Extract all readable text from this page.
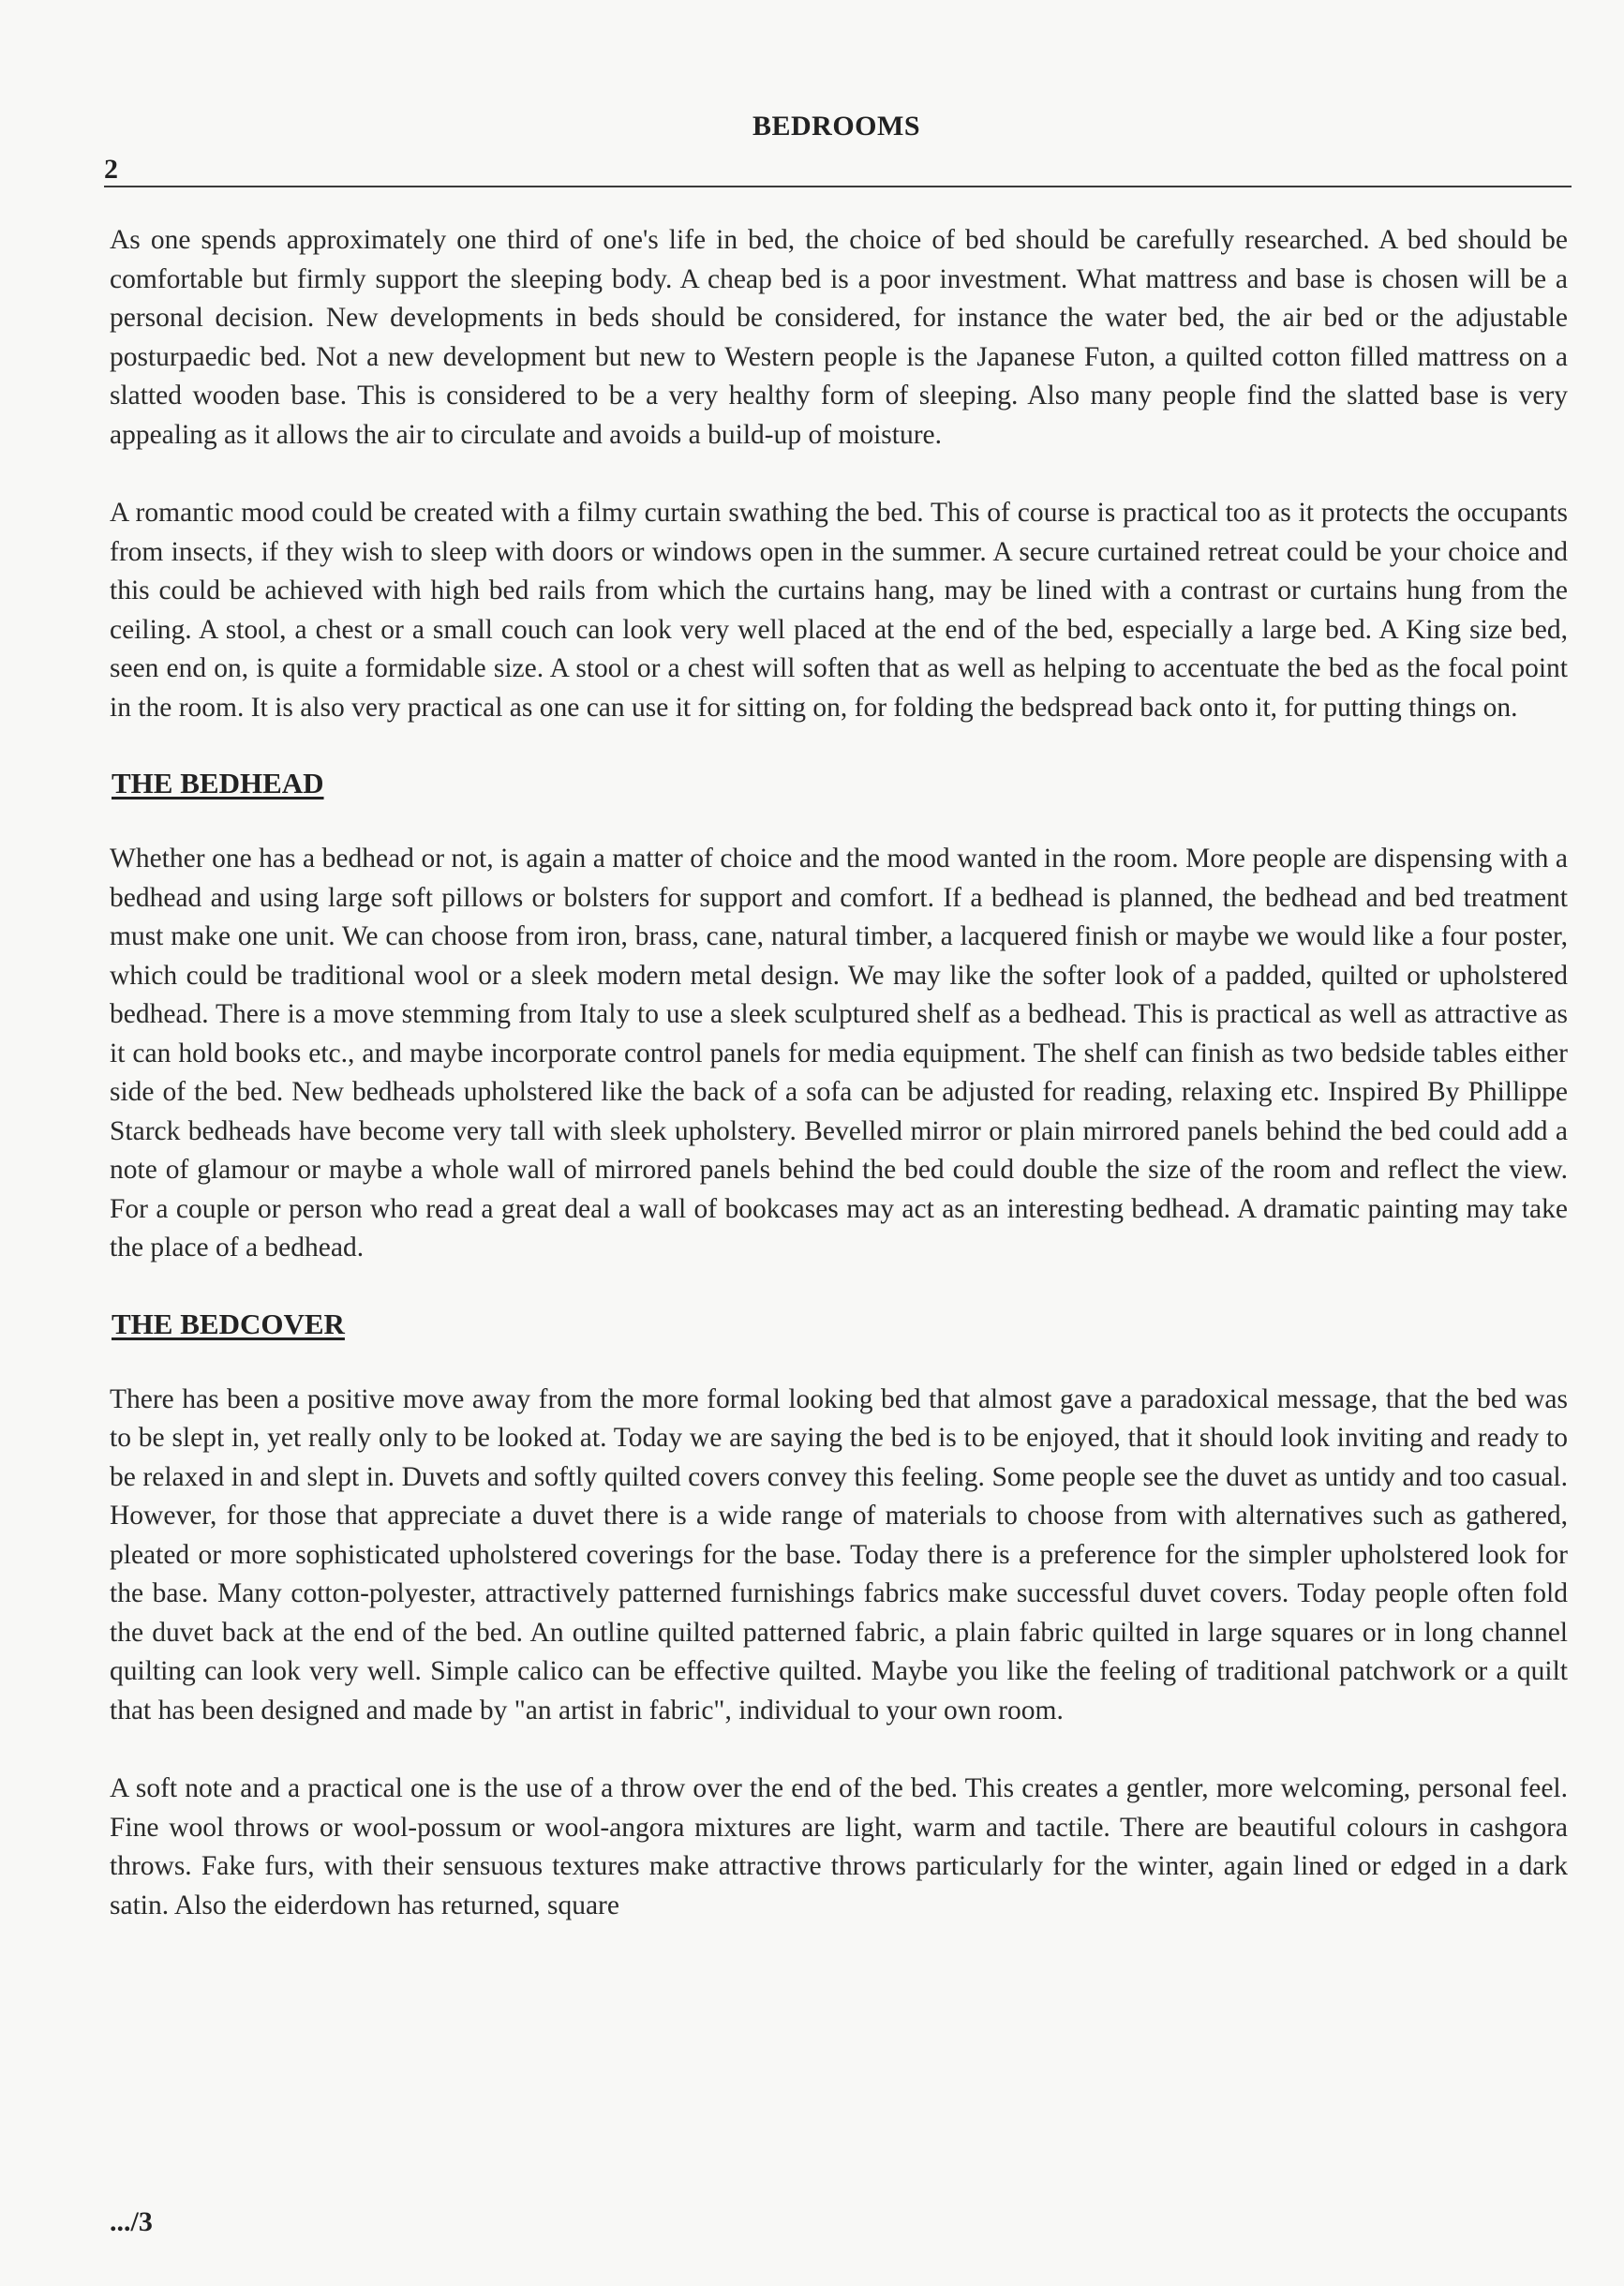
BEDROOMS
2

As one spends approximately one third of one's life in bed, the choice of bed should be carefully researched. A bed should be comfortable but firmly support the sleeping body. A cheap bed is a poor investment. What mattress and base is chosen will be a personal decision. New developments in beds should be considered, for instance the water bed, the air bed or the adjustable posturpaedic bed. Not a new development but new to Western people is the Japanese Futon, a quilted cotton filled mattress on a slatted wooden base. This is considered to be a very healthy form of sleeping. Also many people find the slatted base is very appealing as it allows the air to circulate and avoids a build-up of moisture.

A romantic mood could be created with a filmy curtain swathing the bed. This of course is practical too as it protects the occupants from insects, if they wish to sleep with doors or windows open in the summer. A secure curtained retreat could be your choice and this could be achieved with high bed rails from which the curtains hang, may be lined with a contrast or curtains hung from the ceiling. A stool, a chest or a small couch can look very well placed at the end of the bed, especially a large bed. A King size bed, seen end on, is quite a formidable size. A stool or a chest will soften that as well as helping to accentuate the bed as the focal point in the room. It is also very practical as one can use it for sitting on, for folding the bedspread back onto it, for putting things on.

THE BEDHEAD

Whether one has a bedhead or not, is again a matter of choice and the mood wanted in the room. More people are dispensing with a bedhead and using large soft pillows or bolsters for support and comfort. If a bedhead is planned, the bedhead and bed treatment must make one unit. We can choose from iron, brass, cane, natural timber, a lacquered finish or maybe we would like a four poster, which could be traditional wool or a sleek modern metal design. We may like the softer look of a padded, quilted or upholstered bedhead. There is a move stemming from Italy to use a sleek sculptured shelf as a bedhead. This is practical as well as attractive as it can hold books etc., and maybe incorporate control panels for media equipment. The shelf can finish as two bedside tables either side of the bed. New bedheads upholstered like the back of a sofa can be adjusted for reading, relaxing etc. Inspired By Phillippe Starck bedheads have become very tall with sleek upholstery. Bevelled mirror or plain mirrored panels behind the bed could add a note of glamour or maybe a whole wall of mirrored panels behind the bed could double the size of the room and reflect the view. For a couple or person who read a great deal a wall of bookcases may act as an interesting bedhead. A dramatic painting may take the place of a bedhead.

THE BEDCOVER

There has been a positive move away from the more formal looking bed that almost gave a paradoxical message, that the bed was to be slept in, yet really only to be looked at. Today we are saying the bed is to be enjoyed, that it should look inviting and ready to be relaxed in and slept in. Duvets and softly quilted covers convey this feeling. Some people see the duvet as untidy and too casual. However, for those that appreciate a duvet there is a wide range of materials to choose from with alternatives such as gathered, pleated or more sophisticated upholstered coverings for the base. Today there is a preference for the simpler upholstered look for the base. Many cotton-polyester, attractively patterned furnishings fabrics make successful duvet covers. Today people often fold the duvet back at the end of the bed. An outline quilted patterned fabric, a plain fabric quilted in large squares or in long channel quilting can look very well. Simple calico can be effective quilted. Maybe you like the feeling of traditional patchwork or a quilt that has been designed and made by "an artist in fabric", individual to your own room.

A soft note and a practical one is the use of a throw over the end of the bed. This creates a gentler, more welcoming, personal feel. Fine wool throws or wool-possum or wool-angora mixtures are light, warm and tactile. There are beautiful colours in cashgora throws. Fake furs, with their sensuous textures make attractive throws particularly for the winter, again lined or edged in a dark satin. Also the eiderdown has returned, square

.../3
